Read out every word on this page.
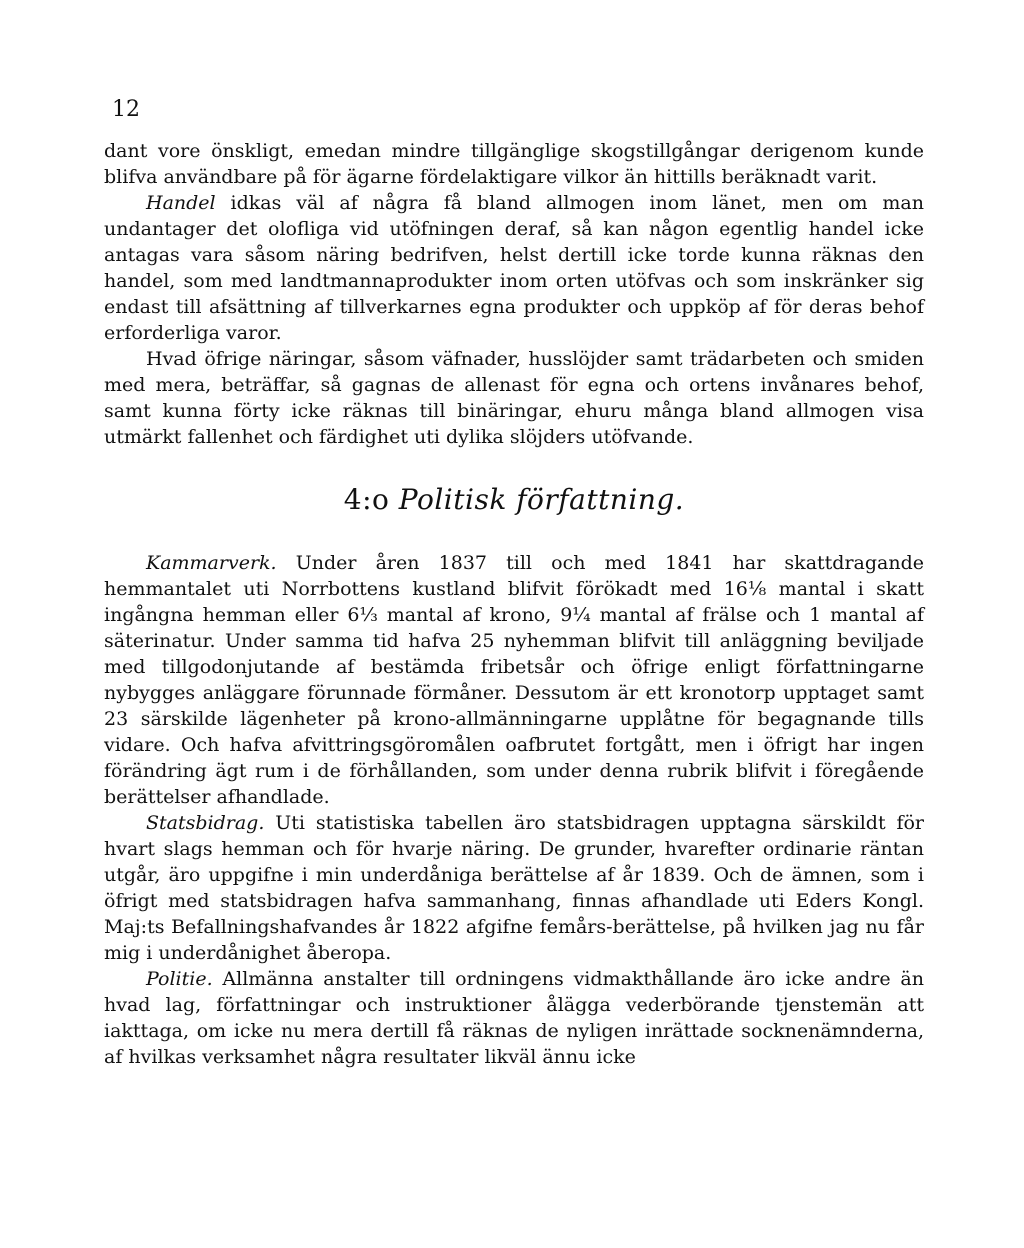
12

dant vore önskligt, emedan mindre tillgänglige skogstillgångar derigenom kunde blifva användbare på för ägarne fördelaktigare vilkor än hittills beräknadt varit.

Handel idkas väl af några få bland allmogen inom länet, men om man undantager det olofliga vid utöfningen deraf, så kan någon egentlig handel icke antagas vara såsom näring bedrifven, helst dertill icke torde kunna räknas den handel, som med landtmannaprodukter inom orten utöfvas och som inskränker sig endast till afsättning af tillverkarnes egna produkter och uppköp af för deras behof erforderliga varor.

Hvad öfrige näringar, såsom väfnader, husslöjder samt trädarbeten och smiden med mera, beträffar, så gagnas de allenast för egna och ortens invånares behof, samt kunna förty icke räknas till binäringar, ehuru många bland allmogen visa utmärkt fallenhet och färdighet uti dylika slöjders utöfvande.

4:o Politisk författning.

Kammarverk. Under åren 1837 till och med 1841 har skattdragande hemmantalet uti Norrbottens kustland blifvit förökadt med 16¹⁄₈ mantal i skatt ingångna hemman eller 6¹⁄₃ mantal af krono, 9¹⁄₄ mantal af frälse och 1 mantal af säterinatur. Under samma tid hafva 25 nyhemman blifvit till anläggning beviljade med tillgodonjutande af bestämda fribetsår och öfrige enligt författningarne nybygges anläggare förunnade förmåner. Dessutom är ett kronotorp upptaget samt 23 särskilde lägenheter på krono-allmänningarne upplåtne för begagnande tills vidare. Och hafva afvittringsgöromålen oafbrutet fortgått, men i öfrigt har ingen förändring ägt rum i de förhållanden, som under denna rubrik blifvit i föregående berättelser afhandlade.

Statsbidrag. Uti statistiska tabellen äro statsbidragen upptagna särskildt för hvart slags hemman och för hvarje näring. De grunder, hvarefter ordinarie räntan utgår, äro uppgifne i min underdåniga berättelse af år 1839. Och de ämnen, som i öfrigt med statsbidragen hafva sammanhang, finnas afhandlade uti Eders Kongl. Maj:ts Befallningshafvandes år 1822 afgifne femårs-berättelse, på hvilken jag nu får mig i underdånighet åberopa.

Politie. Allmänna anstalter till ordningens vidmakthållande äro icke andre än hvad lag, författningar och instruktioner ålägga vederbörande tjenstemän att iakttaga, om icke nu mera dertill få räknas de nyligen inrättade socknenämnderna, af hvilkas verksamhet några resultater likväl ännu icke
